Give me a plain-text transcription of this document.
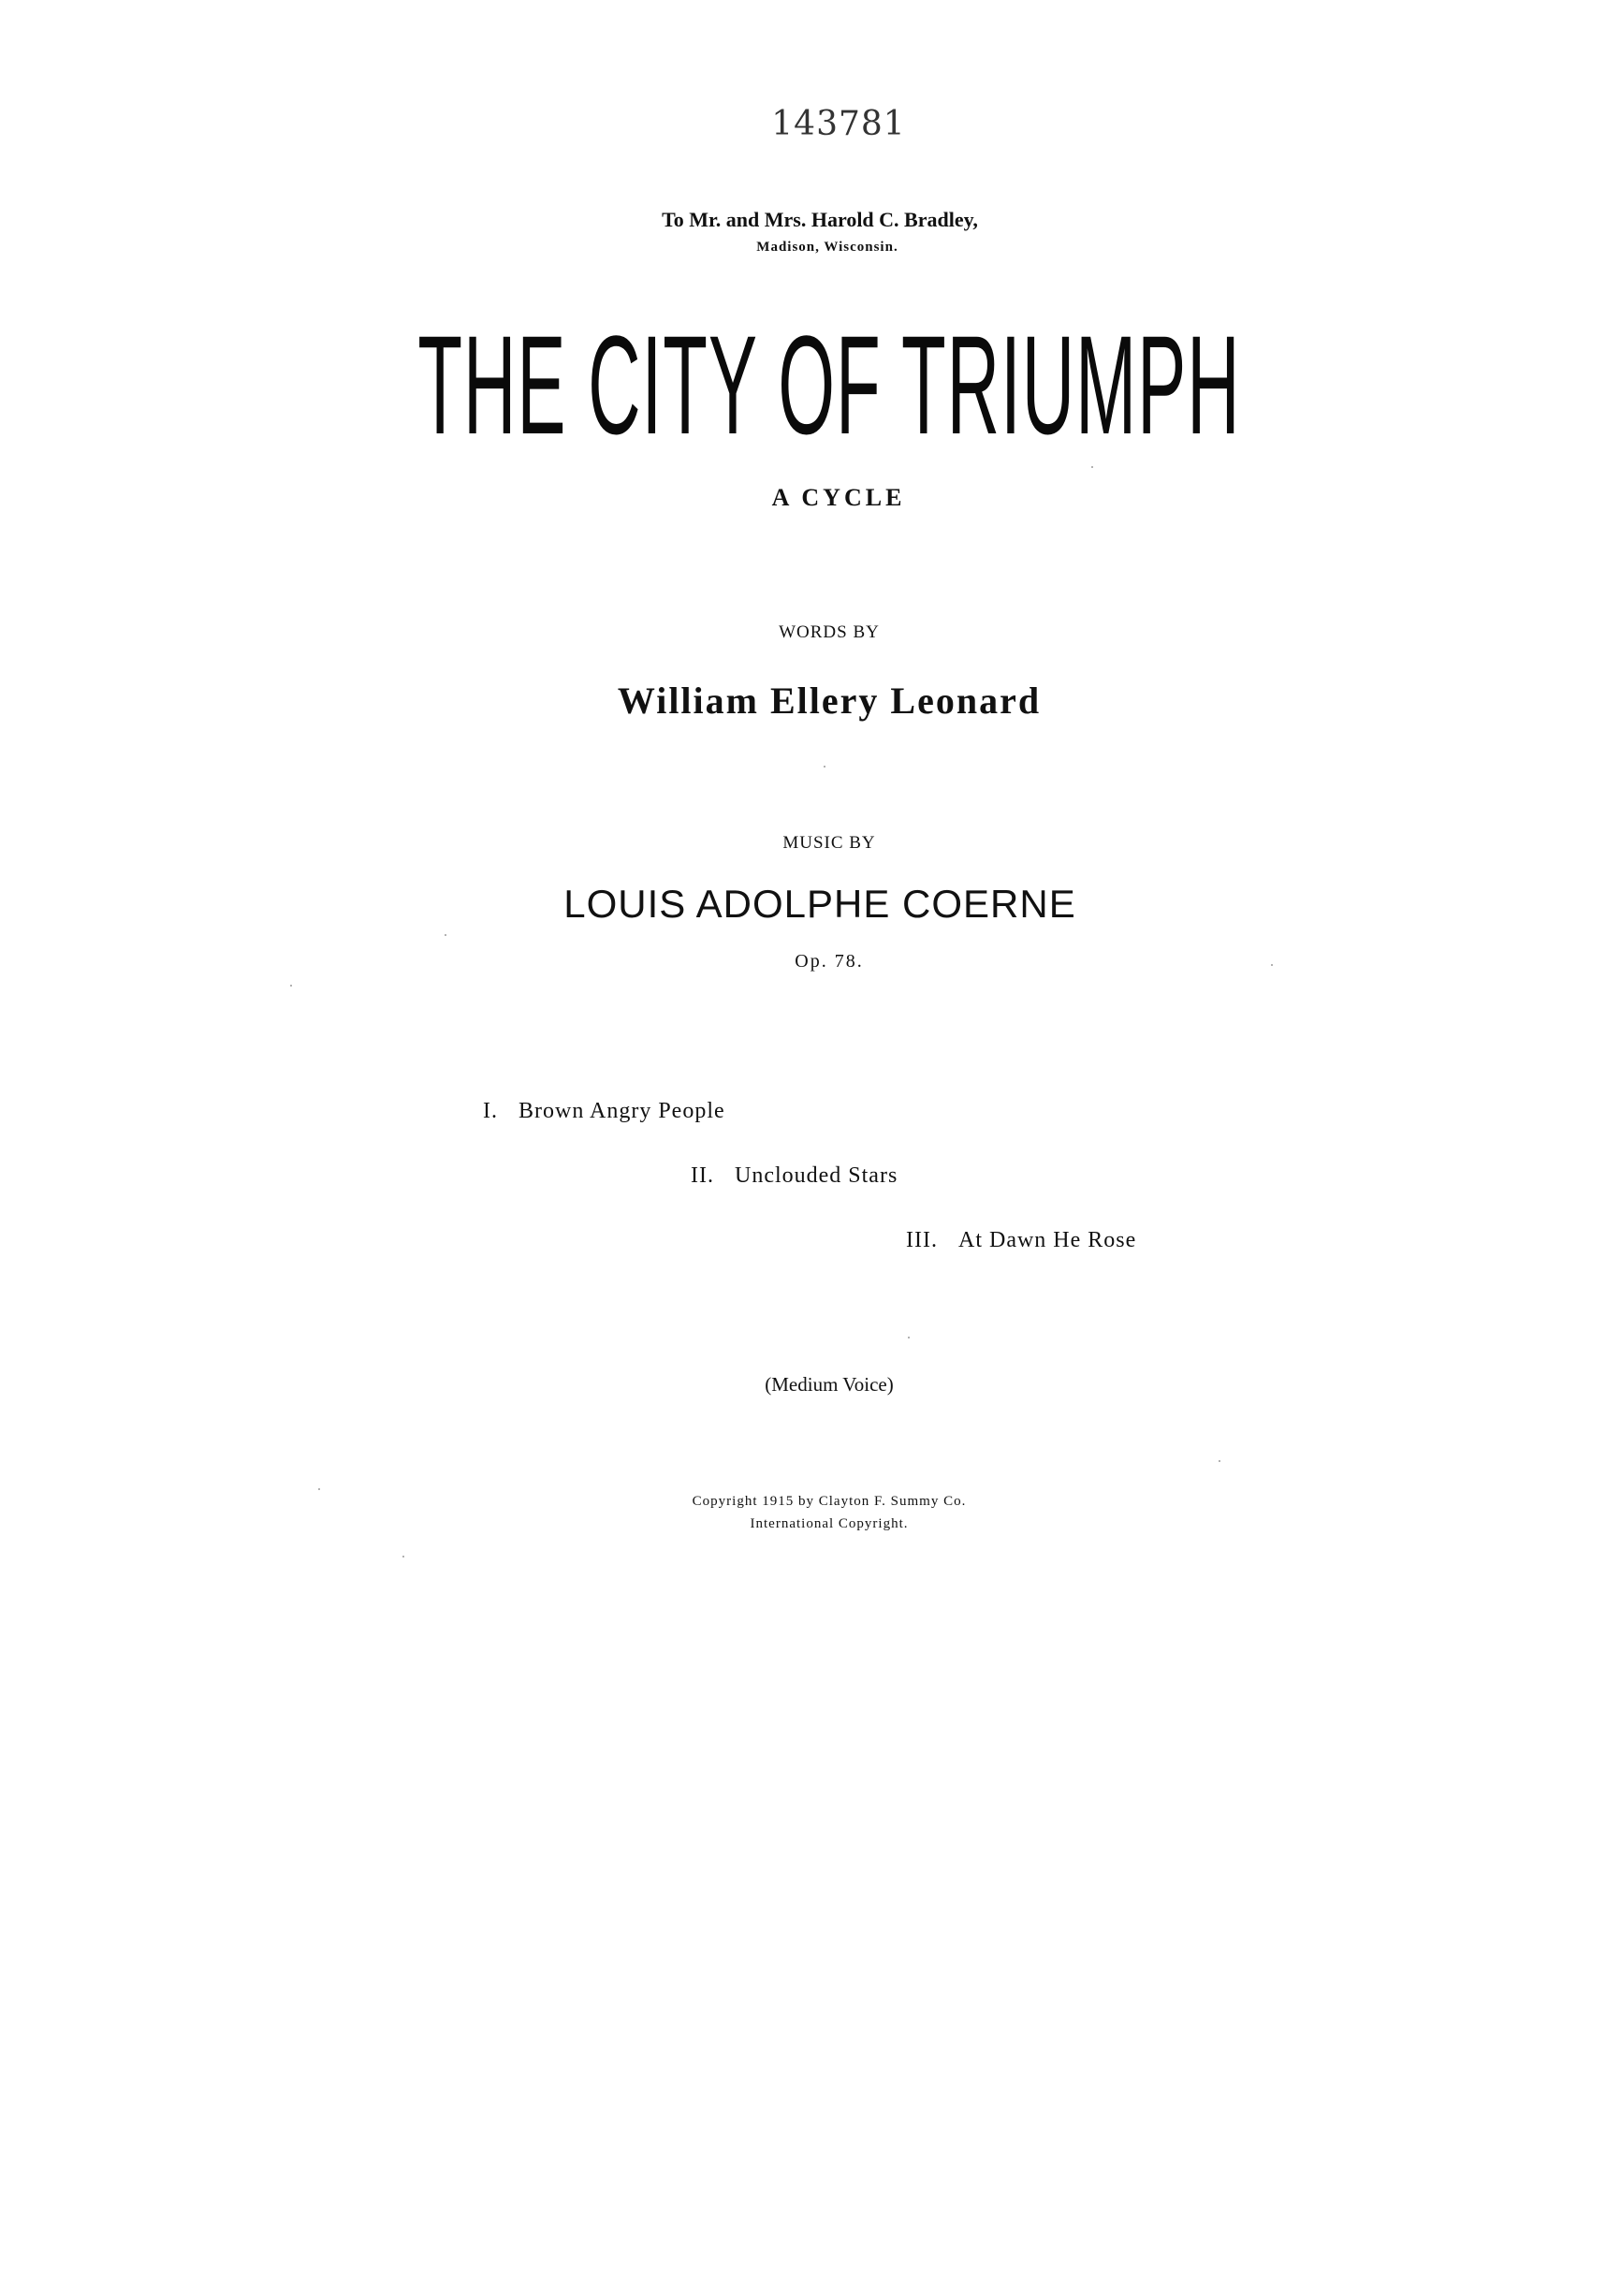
143781
To Mr. and Mrs. Harold C. Bradley,
Madison, Wisconsin.
THE CITY OF TRIUMPH
A CYCLE
WORDS BY
William Ellery Leonard
MUSIC BY
LOUIS ADOLPHE COERNE
Op. 78.
I. Brown Angry People
II. Unclouded Stars
III. At Dawn He Rose
(Medium Voice)
Copyright 1915 by Clayton F. Summy Co.
International Copyright.
